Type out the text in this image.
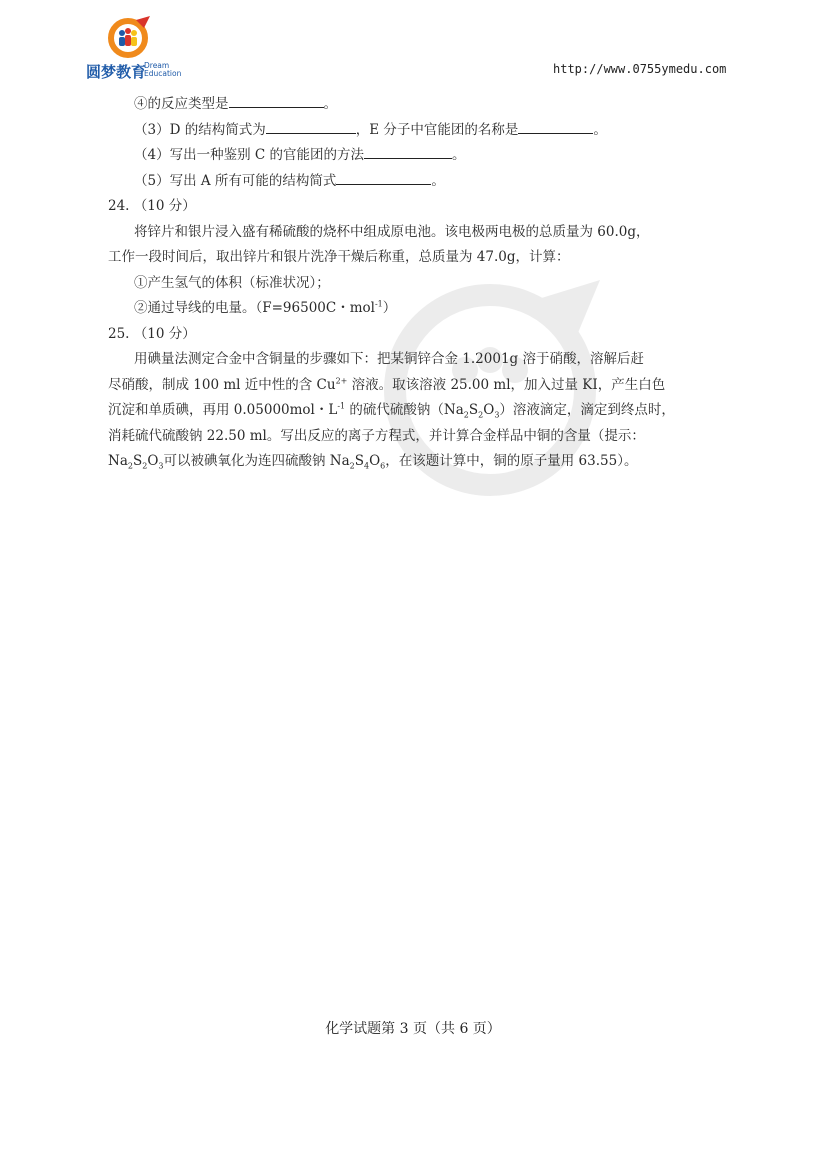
圆梦教育
Dream
Education	http://www.0755ymedu.com
④的反应类型是	。
（3）D 的结构简式为	，E 分子中官能团的名称是	。
（4）写出一种鉴别 C 的官能团的方法	。
（5）写出 A 所有可能的结构简式	。
24. （10 分）
将锌片和银片浸入盛有稀硫酸的烧杯中组成原电池。该电极两电极的总质量为 60.0g，
工作一段时间后，取出锌片和银片洗净干燥后称重，总质量为 47.0g，计算：
①产生氢气的体积（标准状况）；
②通过导线的电量。（F=96500C・mol$^{-1}$）
25. （10 分）
用碘量法测定合金中含铜量的步骤如下：把某铜锌合金 1.2001g 溶于硝酸，溶解后赶
尽硝酸，制成 100 ml 近中性的含 $Cu^{2+}$ 溶液。取该溶液 25.00 ml，加入过量 KI，产生白色
沉淀和单质碘，再用 0.05000mol・$L^{-1}$ 的硫代硫酸钠$(Na_2S_2O_3)$溶液滴定，滴定到终点时，
消耗硫代硫酸钠 22.50 ml。写出反应的离子方程式，并计算合金样品中铜的含量（提示：
$Na_2S_2O_3$可以被碘氧化为连四硫酸钠 $Na_2S_4O_6$，在该题计算中，铜的原子量用 63.55）。
化学试题第 3 页（共 6 页）
